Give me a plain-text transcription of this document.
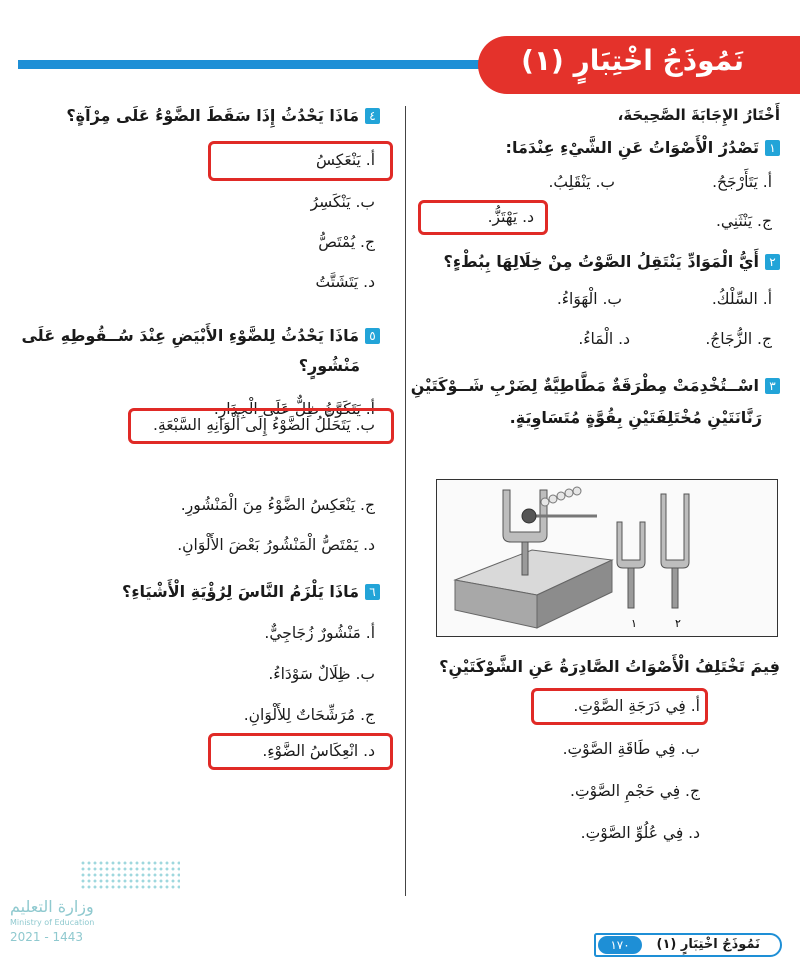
نَمُوذَجُ اخْتِبَارٍ (١)
أَخْتَارُ الإِجَابَةَ الصَّحِيحَةَ،
١تَصْدُرُ الْأَصْوَاتُ عَنِ الشَّيْءِ عِنْدَمَا:
أ. يَتَأَرْجَحُ.
ب. يَنْقَلِبُ.
ج. يَنْثَنِي.
د. يَهْتَزُّ.
٢أَيُّ الْمَوَادِّ يَنْتَقِلُ الصَّوْتُ مِنْ خِلَالِهَا بِبُطْءٍ؟
أ. السِّلْكُ.
ب. الْهَوَاءُ.
ج. الزُّجَاجُ.
د. الْمَاءُ.
٣اسْــتُخْدِمَتْ مِطْرَقَةٌ مَطَّاطِيَّةٌ لِضَرْبِ شَــوْكَتَيْنِ
رَنَّانَتَيْنِ مُخْتَلِفَتَيْنِ بِقُوَّةٍ مُتَسَاوِيَةٍ.
١	٢
فِيمَ تَخْتَلِفُ الْأَصْوَاتُ الصَّادِرَةُ عَنِ الشَّوْكَتَيْنِ؟
أ. فِي دَرَجَةِ الصَّوْتِ.
ب. فِي طَاقَةِ الصَّوْتِ.
ج. فِي حَجْمِ الصَّوْتِ.
د. فِي عُلُوِّ الصَّوْتِ.
٤مَاذَا يَحْدُثُ إِذَا سَقَطَ الضَّوْءُ عَلَى مِرْآةٍ؟
أ. يَنْعَكِسُ
ب. يَنْكَسِرُ
ج. يُمْتَصُّ
د. يَتَشَتَّتُ
٥مَاذَا يَحْدُثُ لِلضَّوْءِ الأَبْيَضِ عِنْدَ سُــقُوطِهِ عَلَى
مَنْشُورٍ؟
أ. يَتَكَوَّنُ ظِلٌّ عَلَى الْجِدَارِ.
ب. يَتَحَلَّلُ الضَّوْءُ إِلَى أَلْوَانِهِ السَّبْعَةِ.
ج. يَنْعَكِسُ الضَّوْءُ مِنَ الْمَنْشُورِ.
د. يَمْتَصُّ الْمَنْشُورُ بَعْضَ الأَلْوَانِ.
٦مَاذَا يَلْزَمُ النَّاسَ لِرُؤْيَةِ الْأَشْيَاءِ؟
أ. مَنْشُورٌ زُجَاجِيٌّ.
ب. ظِلَالٌ سَوْدَاءُ.
ج. مُرَشِّحَاتٌ لِلأَلْوَانِ.
د. انْعِكَاسُ الضَّوْءِ.
وزارة التعليم
Ministry of Education
2021 - 1443
١٧٠	نَمُوذَجُ اخْتِبَارٍ (١)
